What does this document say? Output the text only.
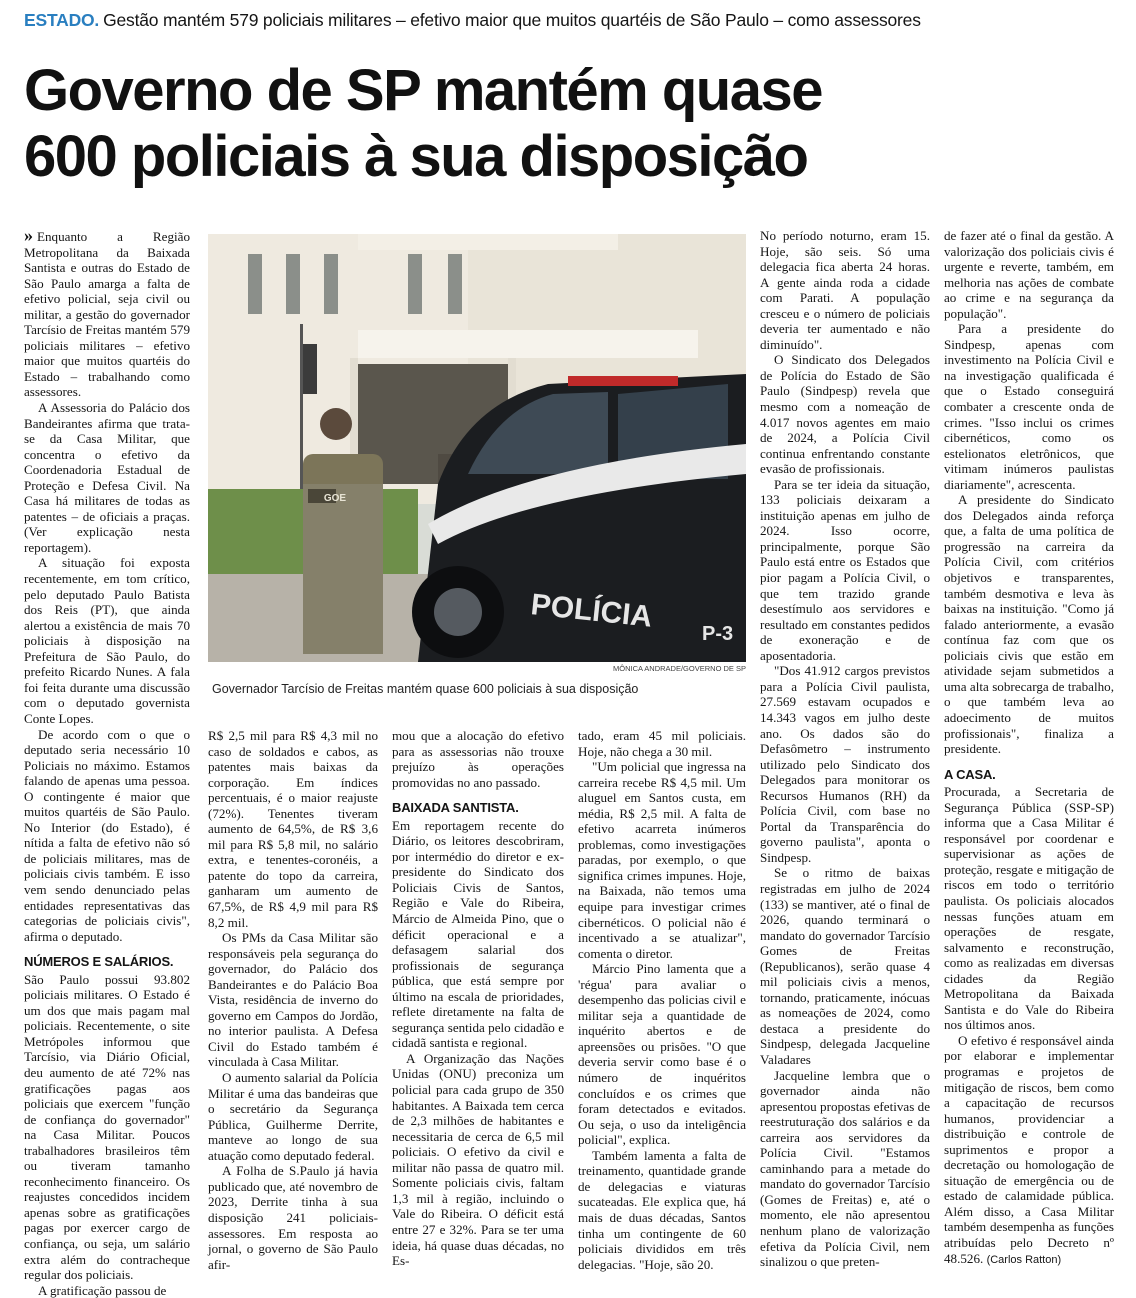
ESTADO. Gestão mantém 579 policiais militares – efetivo maior que muitos quartéis de São Paulo – como assessores
Governo de SP mantém quase
600 policiais à sua disposição

» Enquanto a Região Metropolitana da Baixada Santista e outras do Estado de São Paulo amarga a falta de efetivo policial, seja civil ou militar, a gestão do governador Tarcísio de Freitas mantém 579 policiais militares – efetivo maior que muitos quartéis do Estado – trabalhando como assessores.

A Assessoria do Palácio dos Bandeirantes afirma que trata-se da Casa Militar, que concentra o efetivo da Coordenadoria Estadual de Proteção e Defesa Civil. Na Casa há militares de todas as patentes – de oficiais a praças. (Ver explicação nesta reportagem).

A situação foi exposta recentemente, em tom crítico, pelo deputado Paulo Batista dos Reis (PT), que ainda alertou a existência de mais 70 policiais à disposição na Prefeitura de São Paulo, do prefeito Ricardo Nunes. A fala foi feita durante uma discussão com o deputado governista Conte Lopes.

De acordo com o que o deputado seria necessário 10 Policiais no máximo. Estamos falando de apenas uma pessoa. O contingente é maior que muitos quartéis de São Paulo. No Interior (do Estado), é nítida a falta de efetivo não só de policiais militares, mas de policiais civis também. E isso vem sendo denunciado pelas entidades representativas das categorias de policiais civis", afirma o deputado.

NÚMEROS E SALÁRIOS.

São Paulo possui 93.802 policiais militares. O Estado é um dos que mais pagam mal policiais. Recentemente, o site Metrópoles informou que Tarcísio, via Diário Oficial, deu aumento de até 72% nas gratificações pagas aos policiais que exercem "função de confiança do governador" na Casa Militar. Poucos trabalhadores brasileiros têm ou tiveram tamanho reconhecimento financeiro. Os reajustes concedidos incidem apenas sobre as gratificações pagas por exercer cargo de confiança, ou seja, um salário extra além do contracheque regular dos policiais.

A gratificação passou de

POLÍCIA
P-3
GOE
MÔNICA ANDRADE/GOVERNO DE SP
Governador Tarcísio de Freitas mantém quase 600 policiais à sua disposição

R$ 2,5 mil para R$ 4,3 mil no caso de soldados e cabos, as patentes mais baixas da corporação. Em índices percentuais, é o maior reajuste (72%). Tenentes tiveram aumento de 64,5%, de R$ 3,6 mil para R$ 5,8 mil, no salário extra, e tenentes-coronéis, a patente do topo da carreira, ganharam um aumento de 67,5%, de R$ 4,9 mil para R$ 8,2 mil.

Os PMs da Casa Militar são responsáveis pela segurança do governador, do Palácio dos Bandeirantes e do Palácio Boa Vista, residência de inverno do governo em Campos do Jordão, no interior paulista. A Defesa Civil do Estado também é vinculada à Casa Militar.

O aumento salarial da Polícia Militar é uma das bandeiras que o secretário da Segurança Pública, Guilherme Derrite, manteve ao longo de sua atuação como deputado federal.

A Folha de S.Paulo já havia publicado que, até novembro de 2023, Derrite tinha à sua disposição 241 policiais-assessores. Em resposta ao jornal, o governo de São Paulo afir-

mou que a alocação do efetivo para as assessorias não trouxe prejuízo às operações promovidas no ano passado.

BAIXADA SANTISTA.

Em reportagem recente do Diário, os leitores descobriram, por intermédio do diretor e ex-presidente do Sindicato dos Policiais Civis de Santos, Região e Vale do Ribeira, Márcio de Almeida Pino, que o déficit operacional e a defasagem salarial dos profissionais de segurança pública, que está sempre por último na escala de prioridades, reflete diretamente na falta de segurança sentida pelo cidadão e cidadã santista e regional.

A Organização das Nações Unidas (ONU) preconiza um policial para cada grupo de 350 habitantes. A Baixada tem cerca de 2,3 milhões de habitantes e necessitaria de cerca de 6,5 mil policiais. O efetivo da civil e militar não passa de quatro mil. Somente policiais civis, faltam 1,3 mil à região, incluindo o Vale do Ribeira. O déficit está entre 27 e 32%. Para se ter uma ideia, há quase duas décadas, no Es-

tado, eram 45 mil policiais. Hoje, não chega a 30 mil.

"Um policial que ingressa na carreira recebe R$ 4,5 mil. Um aluguel em Santos custa, em média, R$ 2,5 mil. A falta de efetivo acarreta inúmeros problemas, como investigações paradas, por exemplo, o que significa crimes impunes. Hoje, na Baixada, não temos uma equipe para investigar crimes cibernéticos. O policial não é incentivado a se atualizar", comenta o diretor.

Márcio Pino lamenta que a 'régua' para avaliar o desempenho das policias civil e militar seja a quantidade de inquérito abertos e de apreensões ou prisões. "O que deveria servir como base é o número de inquéritos concluídos e os crimes que foram detectados e evitados. Ou seja, o uso da inteligência policial", explica.

Também lamenta a falta de treinamento, quantidade grande de delegacias e viaturas sucateadas. Ele explica que, há mais de duas décadas, Santos tinha um contingente de 60 policiais divididos em três delegacias. "Hoje, são 20.

No período noturno, eram 15. Hoje, são seis. Só uma delegacia fica aberta 24 horas. A gente ainda roda a cidade com Parati. A população cresceu e o número de policiais deveria ter aumentado e não diminuído".

O Sindicato dos Delegados de Polícia do Estado de São Paulo (Sindpesp) revela que mesmo com a nomeação de 4.017 novos agentes em maio de 2024, a Polícia Civil continua enfrentando constante evasão de profissionais.

Para se ter ideia da situação, 133 policiais deixaram a instituição apenas em julho de 2024. Isso ocorre, principalmente, porque São Paulo está entre os Estados que pior pagam a Polícia Civil, o que tem trazido grande desestímulo aos servidores e resultado em constantes pedidos de exoneração e de aposentadoria.

"Dos 41.912 cargos previstos para a Polícia Civil paulista, 27.569 estavam ocupados e 14.343 vagos em julho deste ano. Os dados são do Defasômetro – instrumento utilizado pelo Sindicato dos Delegados para monitorar os Recursos Humanos (RH) da Polícia Civil, com base no Portal da Transparência do governo paulista", aponta o Sindpesp.

Se o ritmo de baixas registradas em julho de 2024 (133) se mantiver, até o final de 2026, quando terminará o mandato do governador Tarcísio Gomes de Freitas (Republicanos), serão quase 4 mil policiais civis a menos, tornando, praticamente, inócuas as nomeações de 2024, como destaca a presidente do Sindpesp, delegada Jacqueline Valadares

Jacqueline lembra que o governador ainda não apresentou propostas efetivas de reestruturação dos salários e da carreira aos servidores da Polícia Civil. "Estamos caminhando para a metade do mandato do governador Tarcísio (Gomes de Freitas) e, até o momento, ele não apresentou nenhum plano de valorização efetiva da Polícia Civil, nem sinalizou o que preten-

de fazer até o final da gestão. A valorização dos policiais civis é urgente e reverte, também, em melhoria nas ações de combate ao crime e na segurança da população".

Para a presidente do Sindpesp, apenas com investimento na Polícia Civil e na investigação qualificada é que o Estado conseguirá combater a crescente onda de crimes. "Isso inclui os crimes cibernéticos, como os estelionatos eletrônicos, que vitimam inúmeros paulistas diariamente", acrescenta.

A presidente do Sindicato dos Delegados ainda reforça que, a falta de uma política de progressão na carreira da Polícia Civil, com critérios objetivos e transparentes, também desmotiva e leva às baixas na instituição. "Como já falado anteriormente, a evasão contínua faz com que os policiais civis que estão em atividade sejam submetidos a uma alta sobrecarga de trabalho, o que também leva ao adoecimento de muitos profissionais", finaliza a presidente.

A CASA.

Procurada, a Secretaria de Segurança Pública (SSP-SP) informa que a Casa Militar é responsável por coordenar e supervisionar as ações de proteção, resgate e mitigação de riscos em todo o território paulista. Os policiais alocados nessas funções atuam em operações de resgate, salvamento e reconstrução, como as realizadas em diversas cidades da Região Metropolitana da Baixada Santista e do Vale do Ribeira nos últimos anos.

O efetivo é responsável ainda por elaborar e implementar programas e projetos de mitigação de riscos, bem como a capacitação de recursos humanos, providenciar a distribuição e controle de suprimentos e propor a decretação ou homologação de situação de emergência ou de estado de calamidade pública. Além disso, a Casa Militar também desempenha as funções atribuídas pelo Decreto nº 48.526. (Carlos Ratton)
